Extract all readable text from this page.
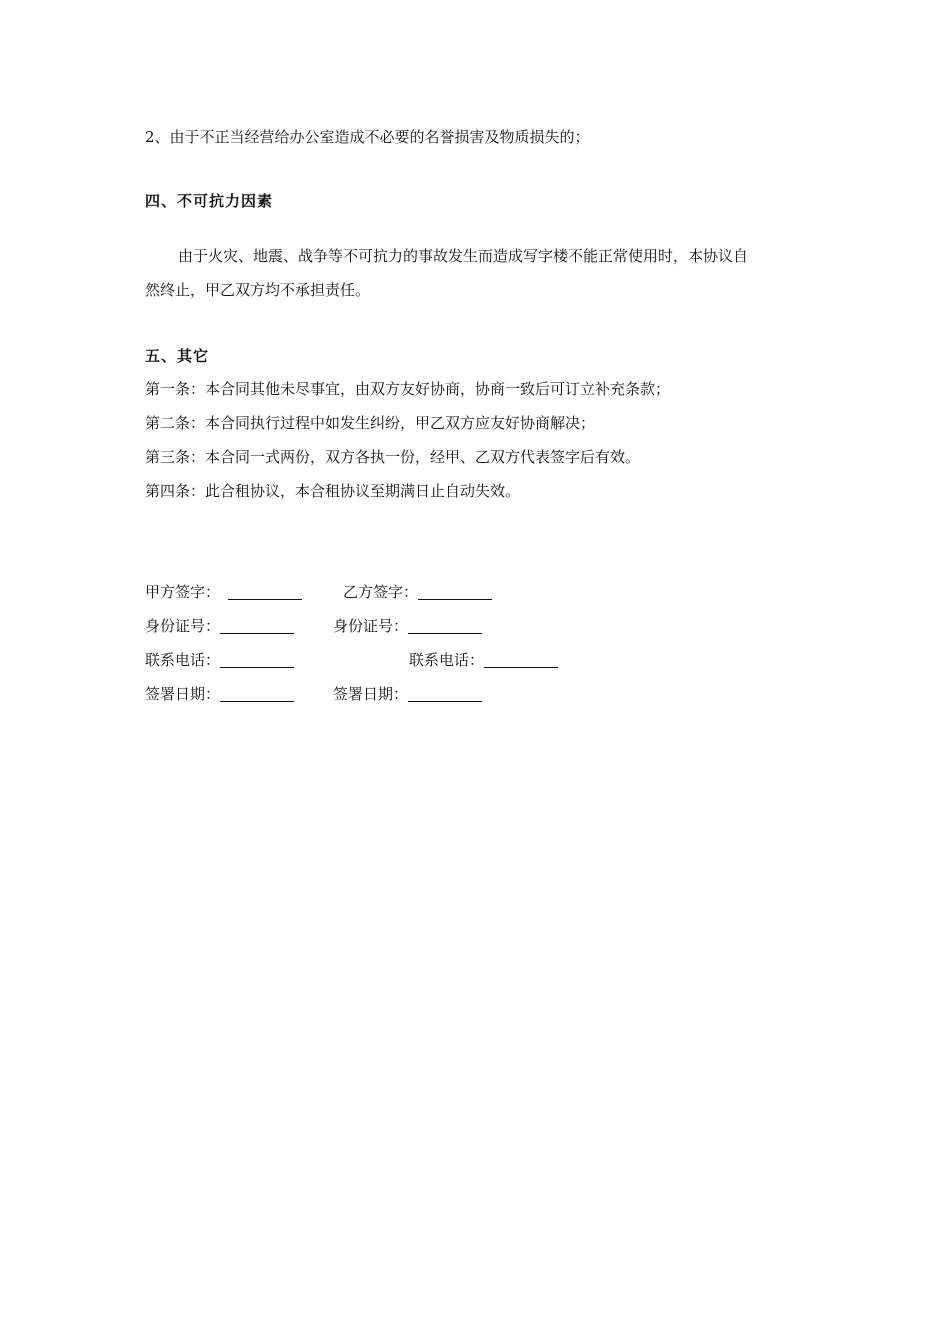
2、由于不正当经营给办公室造成不必要的名誉损害及物质损失的；
四、不可抗力因素
由于火灾、地震、战争等不可抗力的事故发生而造成写字楼不能正常使用时，本协议自
然终止，甲乙双方均不承担责任。
五、其它
第一条：本合同其他未尽事宜，由双方友好协商，协商一致后可订立补充条款；
第二条：本合同执行过程中如发生纠纷，甲乙双方应友好协商解决；
第三条：本合同一式两份，双方各执一份，经甲、乙双方代表签字后有效。
第四条：此合租协议，本合租协议至期满日止自动失效。
甲方签字：	乙方签字：
身份证号：	身份证号：
联系电话：	联系电话：
签署日期：	签署日期：
